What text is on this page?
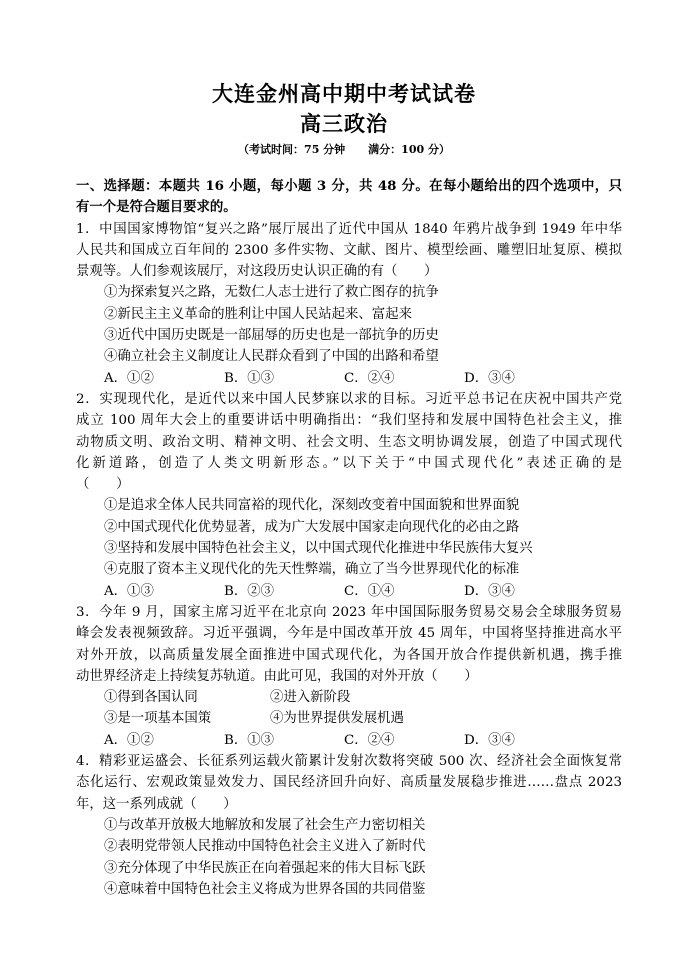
大连金州高中期中考试试卷
高三政治
（考试时间：75 分钟      满分：100 分）
一、选择题：本题共 16 小题，每小题 3 分，共 48 分。在每小题给出的四个选项中，只
有一个是符合题目要求的。
1．中国国家博物馆“复兴之路”展厅展出了近代中国从 1840 年鸦片战争到 1949 年中华
人民共和国成立百年间的 2300 多件实物、文献、图片、模型绘画、雕塑旧址复原、模拟
景观等。人们参观该展厅，对这段历史认识正确的有（　　）
①为探索复兴之路，无数仁人志士进行了救亡图存的抗争
②新民主主义革命的胜利让中国人民站起来、富起来
③近代中国历史既是一部屈辱的历史也是一部抗争的历史
④确立社会主义制度让人民群众看到了中国的出路和希望
A．①②	B．①③	C．②④	D．③④
2．实现现代化，是近代以来中国人民梦寐以求的目标。习近平总书记在庆祝中国共产党
成立 100 周年大会上的重要讲话中明确指出：“我们坚持和发展中国特色社会主义，推
动物质文明、政治文明、精神文明、社会文明、生态文明协调发展，创造了中国式现代
化新道路，创造了人类文明新形态。”以下关于“中国式现代化”表述正确的是
（　　）
①是追求全体人民共同富裕的现代化，深刻改变着中国面貌和世界面貌
②中国式现代化优势显著，成为广大发展中国家走向现代化的必由之路
③坚持和发展中国特色社会主义，以中国式现代化推进中华民族伟大复兴
④克服了资本主义现代化的先天性弊端，确立了当今世界现代化的标准
A．①③	B．②③	C．①④	D．③④
3．今年 9 月，国家主席习近平在北京向 2023 年中国国际服务贸易交易会全球服务贸易
峰会发表视频致辞。习近平强调，今年是中国改革开放 45 周年，中国将坚持推进高水平
对外开放，以高质量发展全面推进中国式现代化，为各国开放合作提供新机遇，携手推
动世界经济走上持续复苏轨道。由此可见，我国的对外开放（　　）
①得到各国认同	②进入新阶段
③是一项基本国策	④为世界提供发展机遇
A．①②	B．①③	C．②④	D．③④
4．精彩亚运盛会、长征系列运载火箭累计发射次数将突破 500 次、经济社会全面恢复常
态化运行、宏观政策显效发力、国民经济回升向好、高质量发展稳步推进……盘点 2023
年，这一系列成就（　　）
①与改革开放极大地解放和发展了社会生产力密切相关
②表明党带领人民推动中国特色社会主义进入了新时代
③充分体现了中华民族正在向着强起来的伟大目标飞跃
④意味着中国特色社会主义将成为世界各国的共同借鉴
